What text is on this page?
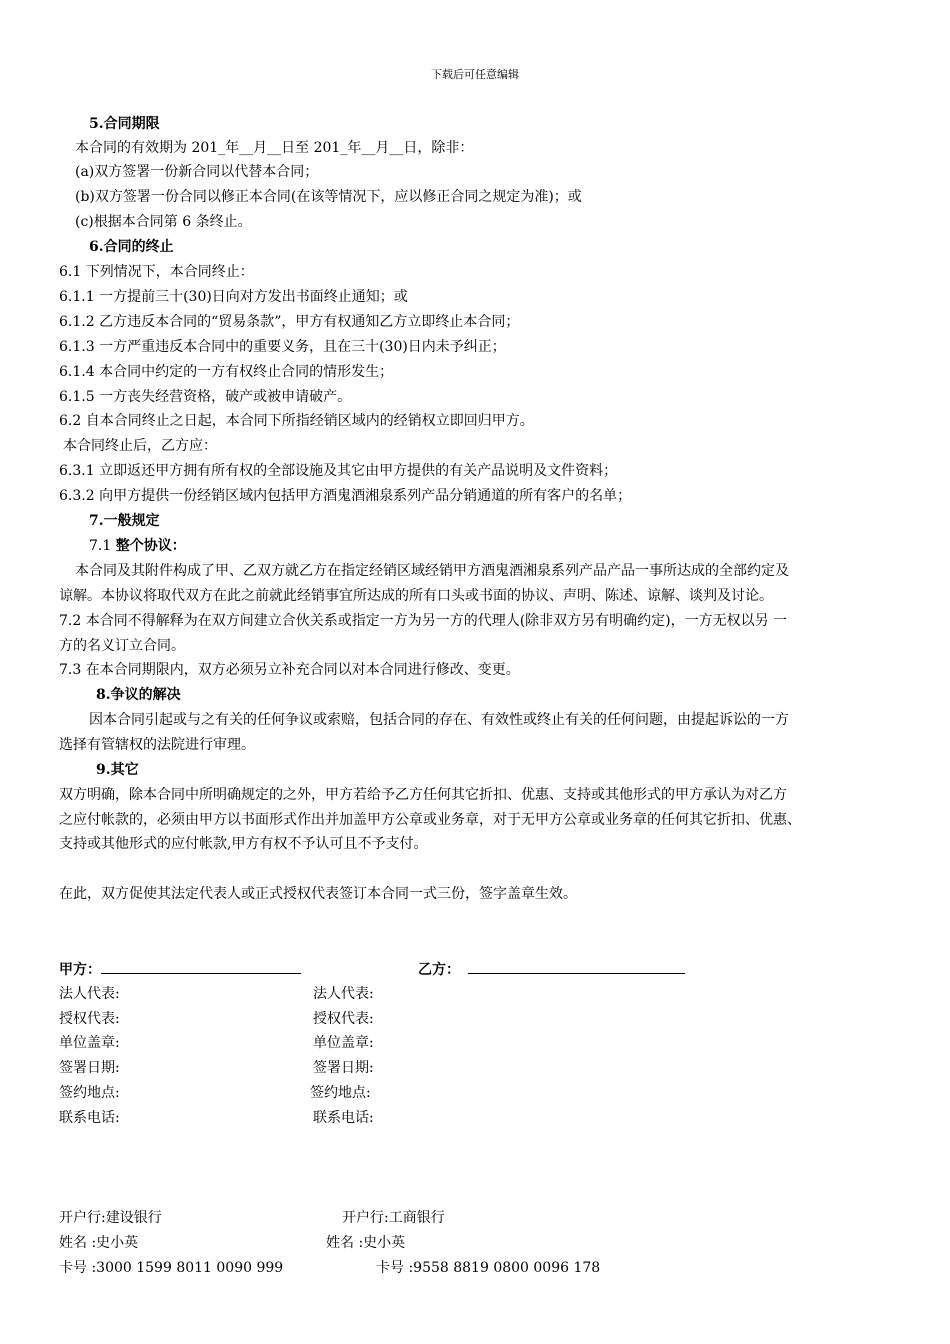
下载后可任意编辑
5.合同期限
本合同的有效期为 201_年__月__日至 201_年__月__日，除非：
(a)双方签署一份新合同以代替本合同；
(b)双方签署一份合同以修正本合同(在该等情况下，应以修正合同之规定为准)；或
(c)根据本合同第 6 条终止。
6.合同的终止
6.1 下列情况下，本合同终止：
6.1.1 一方提前三十(30)日向对方发出书面终止通知；或
6.1.2 乙方违反本合同的“贸易条款”，甲方有权通知乙方立即终止本合同；
6.1.3 一方严重违反本合同中的重要义务，且在三十(30)日内未予纠正；
6.1.4 本合同中约定的一方有权终止合同的情形发生；
6.1.5 一方丧失经营资格，破产或被申请破产。
6.2 自本合同终止之日起，本合同下所指经销区域内的经销权立即回归甲方。
本合同终止后，乙方应：
6.3.1 立即返还甲方拥有所有权的全部设施及其它由甲方提供的有关产品说明及文件资料；
6.3.2 向甲方提供一份经销区域内包括甲方酒鬼酒湘泉系列产品分销通道的所有客户的名单；
7.一般规定
7.1 整个协议：
本合同及其附件构成了甲、乙双方就乙方在指定经销区域经销甲方酒鬼酒湘泉系列产品产品一事所达成的全部约定及
谅解。本协议将取代双方在此之前就此经销事宜所达成的所有口头或书面的协议、声明、陈述、谅解、谈判及讨论。
7.2 本合同不得解释为在双方间建立合伙关系或指定一方为另一方的代理人(除非双方另有明确约定)，一方无权以另 一
方的名义订立合同。
7.3 在本合同期限内，双方必须另立补充合同以对本合同进行修改、变更。
8.争议的解决
因本合同引起或与之有关的任何争议或索赔，包括合同的存在、有效性或终止有关的任何问题，由提起诉讼的一方
选择有管辖权的法院进行审理。
9.其它
双方明确，除本合同中所明确规定的之外，甲方若给予乙方任何其它折扣、优惠、支持或其他形式的甲方承认为对乙方
之应付帐款的，必须由甲方以书面形式作出并加盖甲方公章或业务章，对于无甲方公章或业务章的任何其它折扣、优惠、
支持或其他形式的应付帐款,甲方有权不予认可且不予支付。
在此，双方促使其法定代表人或正式授权代表签订本合同一式三份，签字盖章生效。
甲方：
法人代表:
授权代表:
单位盖章:
签署日期:
签约地点:
联系电话:
乙方：
法人代表:
授权代表:
单位盖章:
签署日期:
签约地点:
联系电话:
开户行:建设银行
姓名 :史小英
卡号 :3000 1599 8011 0090 999
开户行:工商银行
姓名 :史小英
卡号 :9558 8819 0800 0096 178
